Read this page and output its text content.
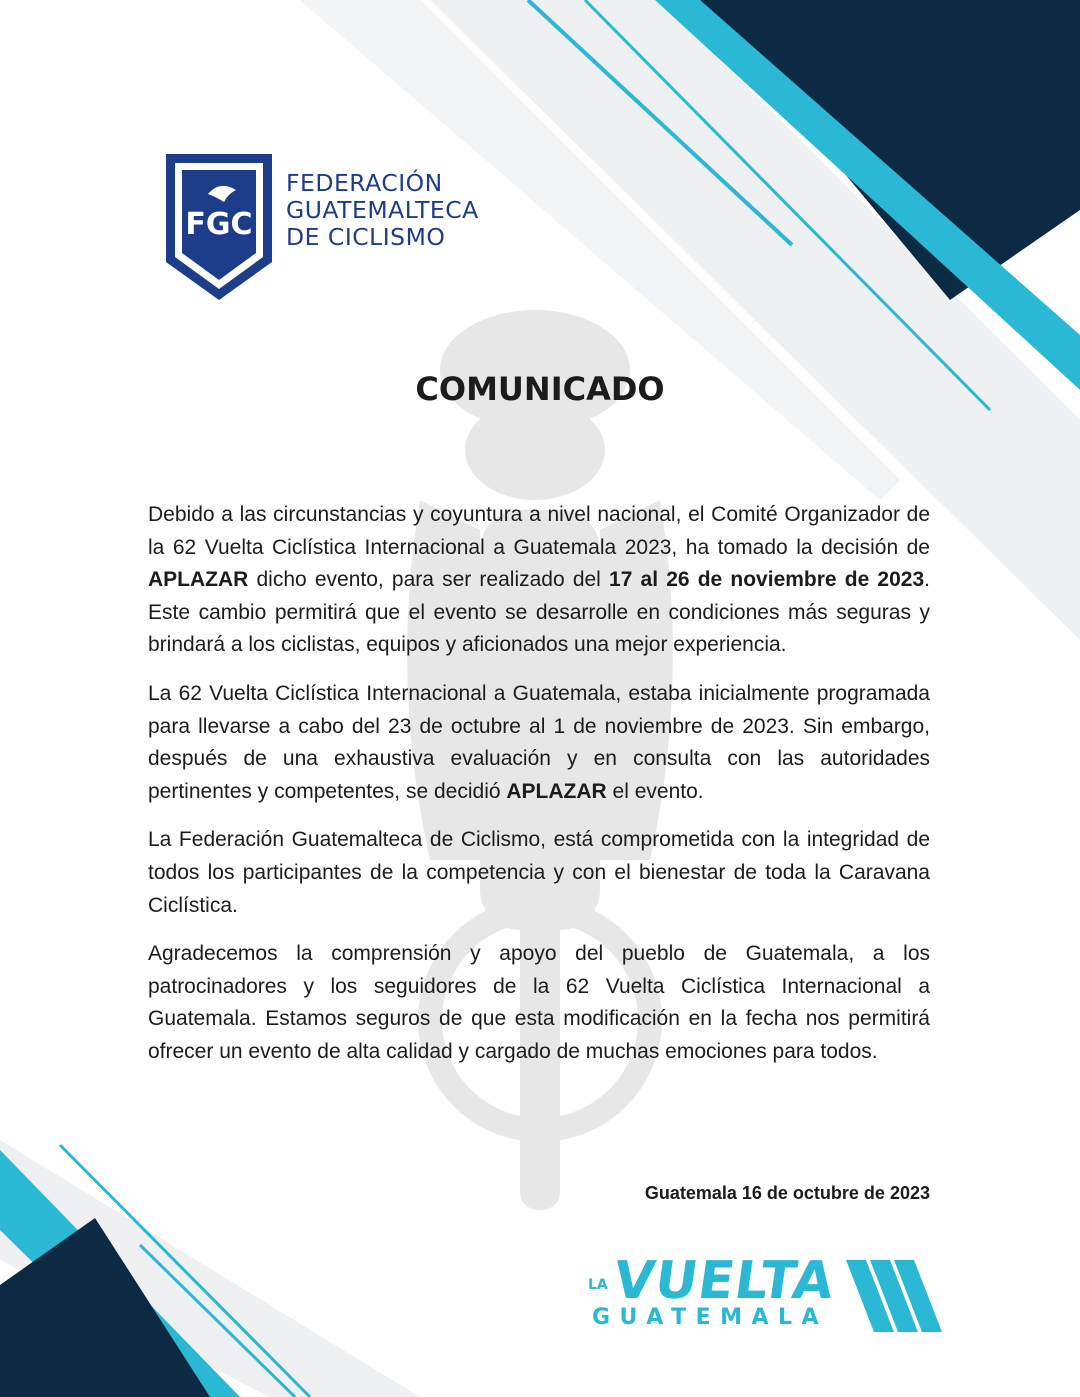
FGC
FEDERACIÓN
GUATEMALTECA
DE CICLISMO
COMUNICADO

Debido a las circunstancias y coyuntura a nivel nacional, el Comité Organizador de la 62 Vuelta Ciclística Internacional a Guatemala 2023, ha tomado la decisión de APLAZAR dicho evento, para ser realizado del 17 al 26 de noviembre de 2023. Este cambio permitirá que el evento se desarrolle en condiciones más seguras y brindará a los ciclistas, equipos y aficionados una mejor experiencia.

La 62 Vuelta Ciclística Internacional a Guatemala, estaba inicialmente programada para llevarse a cabo del 23 de octubre al 1 de noviembre de 2023. Sin embargo, después de una exhaustiva evaluación y en consulta con las autoridades pertinentes y competentes, se decidió APLAZAR el evento.

La Federación Guatemalteca de Ciclismo, está comprometida con la integridad de todos los participantes de la competencia y con el bienestar de toda la Caravana Ciclística.

Agradecemos la comprensión y apoyo del pueblo de Guatemala, a los patrocinadores y los seguidores de la 62 Vuelta Ciclística Internacional a Guatemala. Estamos seguros de que esta modificación en la fecha nos permitirá ofrecer un evento de alta calidad y cargado de muchas emociones para todos.

Guatemala 16 de octubre de 2023
LA VUELTA
GUATEMALA
